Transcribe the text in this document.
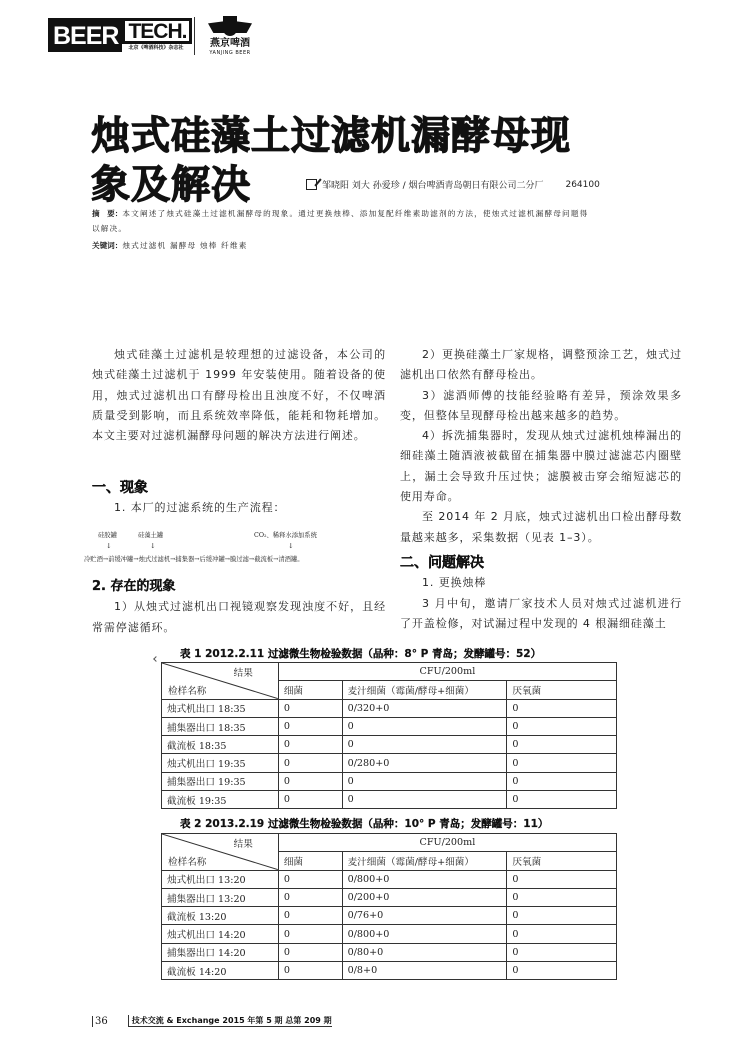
BEER TECH.
北京《啤酒科技》杂志社	燕京啤酒
YANJING BEER
烛式硅藻土过滤机漏酵母现
象及解决	邹晓阳 刘大 孙爱珍 / 烟台啤酒青岛朝日有限公司二分厂 264100
摘　要：本文阐述了烛式硅藻土过滤机漏酵母的现象。通过更换烛棒、添加复配纤维素助滤剂的方法，使烛式过滤机漏酵母问题得以解决。
关键词：烛式过滤机 漏酵母 烛棒 纤维素

烛式硅藻土过滤机是较理想的过滤设备，本公司的烛式硅藻土过滤机于 1999 年安装使用。随着设备的使用，烛式过滤机出口有酵母检出且浊度不好，不仅啤酒质量受到影响，而且系统效率降低，能耗和物耗增加。本文主要对过滤机漏酵母问题的解决方法进行阐述。

一、现象

1. 本厂的过滤系统的生产流程：

硅胶罐	硅藻土罐	CO₂、稀释水添加系统
↓	↓	↓
冷贮酒→前缓冲罐→烛式过滤机→捕集器→后缓冲罐→膜过滤→截流板→清酒罐。
2. 存在的现象

1）从烛式过滤机出口视镜观察发现浊度不好，且经常需停滤循环。

2）更换硅藻土厂家规格，调整预涂工艺，烛式过滤机出口依然有酵母检出。

3）滤酒师傅的技能经验略有差异，预涂效果多变，但整体呈现酵母检出越来越多的趋势。

4）拆洗捕集器时，发现从烛式过滤机烛棒漏出的细硅藻土随酒液被截留在捕集器中膜过滤滤芯内圈壁上，漏土会导致升压过快；滤膜被击穿会缩短滤芯的使用寿命。

至 2014 年 2 月底，烛式过滤机出口检出酵母数量越来越多，采集数据（见表 1–3）。

二、问题解决

1. 更换烛棒

3 月中旬，邀请厂家技术人员对烛式过滤机进行了开盖检修，对试漏过程中发现的 4 根漏细硅藻土

表 1 2012.2.11 过滤微生物检验数据（品种：8° P 青岛；发酵罐号：52）
结果
检样名称	CFU/200ml		
	细菌	麦汁细菌（霉菌/酵母+细菌）	厌氧菌
烛式机出口 18:35	0	0/320+0	0
捕集器出口 18:35	0	0	0
截流板 18:35	0	0	0
烛式机出口 19:35	0	0/280+0	0
捕集器出口 19:35	0	0	0
截流板 19:35	0	0	0
表 2 2013.2.19 过滤微生物检验数据（品种：10° P 青岛；发酵罐号：11）
结果
检样名称	CFU/200ml		
	细菌	麦汁细菌（霉菌/酵母+细菌）	厌氧菌
烛式机出口 13:20	0	0/800+0	0
捕集器出口 13:20	0	0/200+0	0
截流板 13:20	0	0/76+0	0
烛式机出口 14:20	0	0/800+0	0
捕集器出口 14:20	0	0/80+0	0
截流板 14:20	0	0/8+0	0
36	技术交流 & Exchange 2015 年第 5 期 总第 209 期
